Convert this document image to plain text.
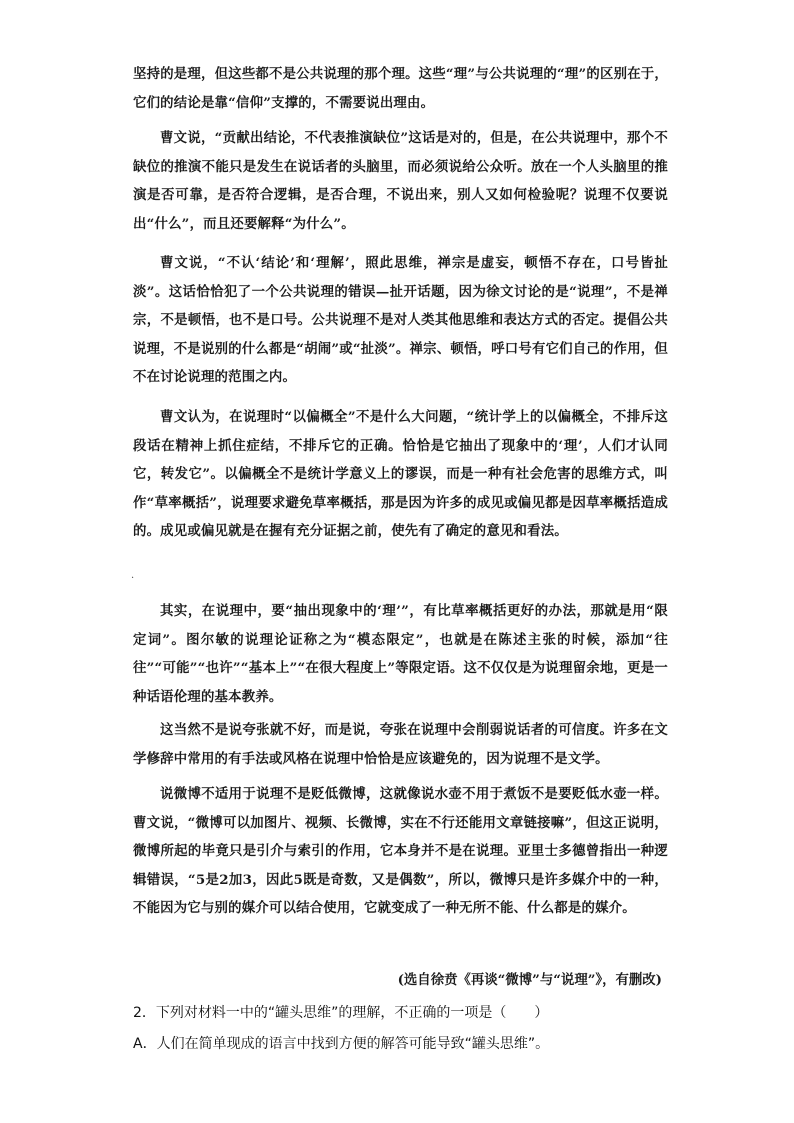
坚持的是理，但这些都不是公共说理的那个理。这些“理”与公共说理的“理”的区别在于，它们的结论是靠“信仰”支撑的，不需要说出理由。
曹文说，“贡献出结论，不代表推演缺位”这话是对的，但是，在公共说理中，那个不缺位的推演不能只是发生在说话者的头脑里，而必须说给公众听。放在一个人头脑里的推演是否可靠，是否符合逻辑，是否合理，不说出来，别人又如何检验呢？说理不仅要说出“什么”，而且还要解释“为什么”。
曹文说，“不认‘结论’和‘理解’，照此思维，禅宗是虚妄，顿悟不存在，口号皆扯淡”。这话恰恰犯了一个公共说理的错误—扯开话题，因为徐文讨论的是“说理”，不是禅宗，不是顿悟，也不是口号。公共说理不是对人类其他思维和表达方式的否定。提倡公共说理，不是说别的什么都是“胡闹”或“扯淡”。禅宗、顿悟，呼口号有它们自己的作用，但不在讨论说理的范围之内。
曹文认为，在说理时“以偏概全”不是什么大问题，“统计学上的以偏概全，不排斥这段话在精神上抓住症结，不排斥它的正确。恰恰是它抽出了现象中的‘理’，人们才认同它，转发它”。以偏概全不是统计学意义上的谬误，而是一种有社会危害的思维方式，叫作“草率概括”，说理要求避免草率概括，那是因为许多的成见或偏见都是因草率概括造成的。成见或偏见就是在握有充分证据之前，使先有了确定的意见和看法。
·
其实，在说理中，要“抽出现象中的‘理’”，有比草率概括更好的办法，那就是用“限定词”。图尔敏的说理论证称之为“模态限定”，也就是在陈述主张的时候，添加“往往”“可能”“也许”“基本上”“在很大程度上”等限定语。这不仅仅是为说理留余地，更是一种话语伦理的基本教养。
这当然不是说夸张就不好，而是说，夸张在说理中会削弱说话者的可信度。许多在文学修辞中常用的有手法或风格在说理中恰恰是应该避免的，因为说理不是文学。
说微博不适用于说理不是贬低微博，这就像说水壶不用于煮饭不是要贬低水壶一样。曹文说，“微博可以加图片、视频、长微博，实在不行还能用文章链接嘛”，但这正说明，微博所起的毕竟只是引介与索引的作用，它本身并不是在说理。亚里士多德曾指出一种逻辑错误，“5是2加3，因此5既是奇数，又是偶数”，所以，微博只是许多媒介中的一种，不能因为它与别的媒介可以结合使用，它就变成了一种无所不能、什么都是的媒介。
(选自徐贲《再谈“微博”与“说理”》，有删改)
2．下列对材料一中的“罐头思维”的理解，不正确的一项是（　　）
A．人们在简单现成的语言中找到方便的解答可能导致“罐头思维”。
